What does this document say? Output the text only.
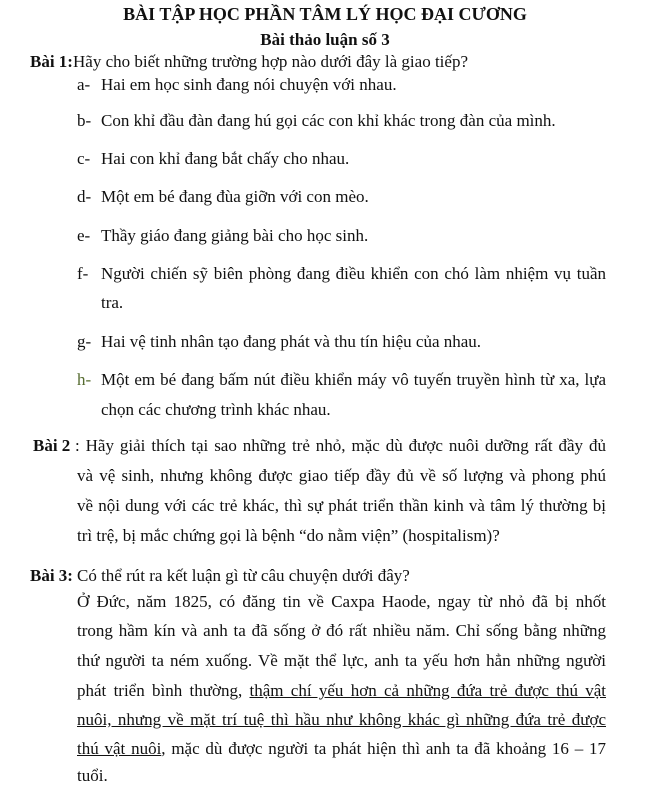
BÀI TẬP HỌC PHẦN TÂM LÝ HỌC ĐẠI CƯƠNG
Bài thảo luận số 3
Bài 1: Hãy cho biết những trường hợp nào dưới đây là giao tiếp?
a- Hai em học sinh đang nói chuyện với nhau.
b- Con khỉ đầu đàn đang hú gọi các con khỉ khác trong đàn của mình.
c- Hai con khỉ đang bắt chấy cho nhau.
d- Một em bé đang đùa giỡn với con mèo.
e- Thầy giáo đang giảng bài cho học sinh.
f- Người chiến sỹ biên phòng đang điều khiển con chó làm nhiệm vụ tuần
tra.
g- Hai vệ tinh nhân tạo đang phát và thu tín hiệu của nhau.
h- Một em bé đang bấm nút điều khiển máy vô tuyến truyền hình từ xa, lựa
chọn các chương trình khác nhau.
Bài 2 : Hãy giải thích tại sao những trẻ nhỏ, mặc dù được nuôi dưỡng rất đầy đủ
và vệ sinh, nhưng không được giao tiếp đầy đủ về số lượng và phong phú
về nội dung với các trẻ khác, thì sự phát triển thần kinh và tâm lý thường bị
trì trệ, bị mắc chứng gọi là bệnh “do nằm viện” (hospitalism)?
Bài 3: Có thể rút ra kết luận gì từ câu chuyện dưới đây?
Ở Đức, năm 1825, có đăng tin về Caxpa Haode, ngay từ nhỏ đã bị nhốt
trong hầm kín và anh ta đã sống ở đó rất nhiều năm. Chỉ sống bằng những
thứ người ta ném xuống. Về mặt thể lực, anh ta yếu hơn hẳn những người
phát triển bình thường, thậm chí yếu hơn cả những đứa trẻ được thú vật
nuôi, nhưng về mặt trí tuệ thì hầu như không khác gì những đứa trẻ được
thú vật nuôi, mặc dù được người ta phát hiện thì anh ta đã khoảng 16 – 17
tuổi.
